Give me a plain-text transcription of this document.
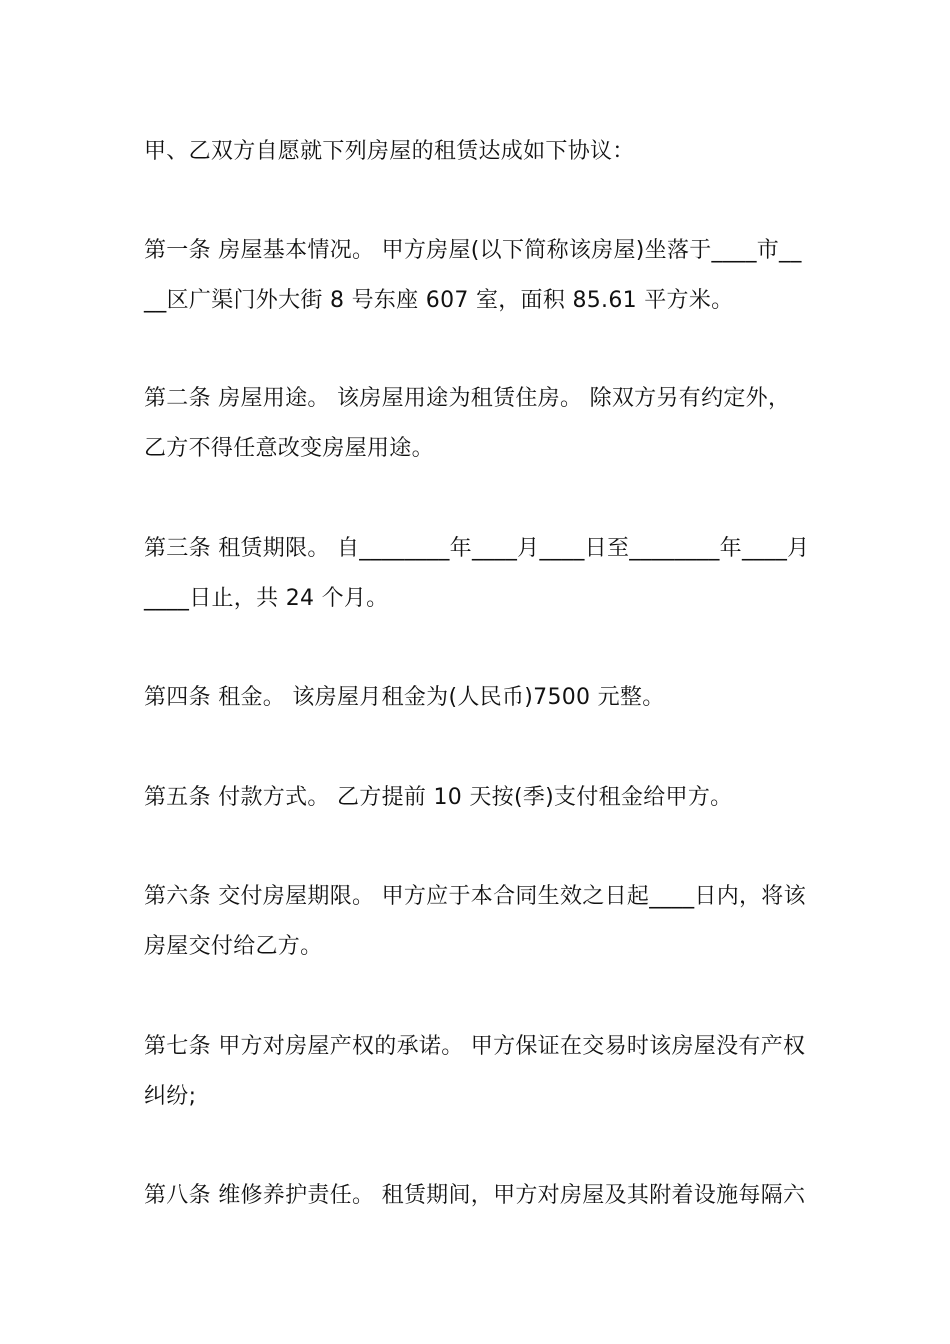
甲、乙双方自愿就下列房屋的租赁达成如下协议：
第一条 房屋基本情况。 甲方房屋(以下简称该房屋)坐落于____市__
__区广渠门外大街 8 号东座 607 室，面积 85.61 平方米。
第二条 房屋用途。 该房屋用途为租赁住房。 除双方另有约定外，
乙方不得任意改变房屋用途。
第三条 租赁期限。 自________年____月____日至________年____月
____日止，共 24 个月。
第四条 租金。 该房屋月租金为(人民币)7500 元整。
第五条 付款方式。 乙方提前 10 天按(季)支付租金给甲方。
第六条 交付房屋期限。 甲方应于本合同生效之日起____日内，将该
房屋交付给乙方。
第七条 甲方对房屋产权的承诺。 甲方保证在交易时该房屋没有产权
纠纷;
第八条 维修养护责任。 租赁期间，甲方对房屋及其附着设施每隔六
